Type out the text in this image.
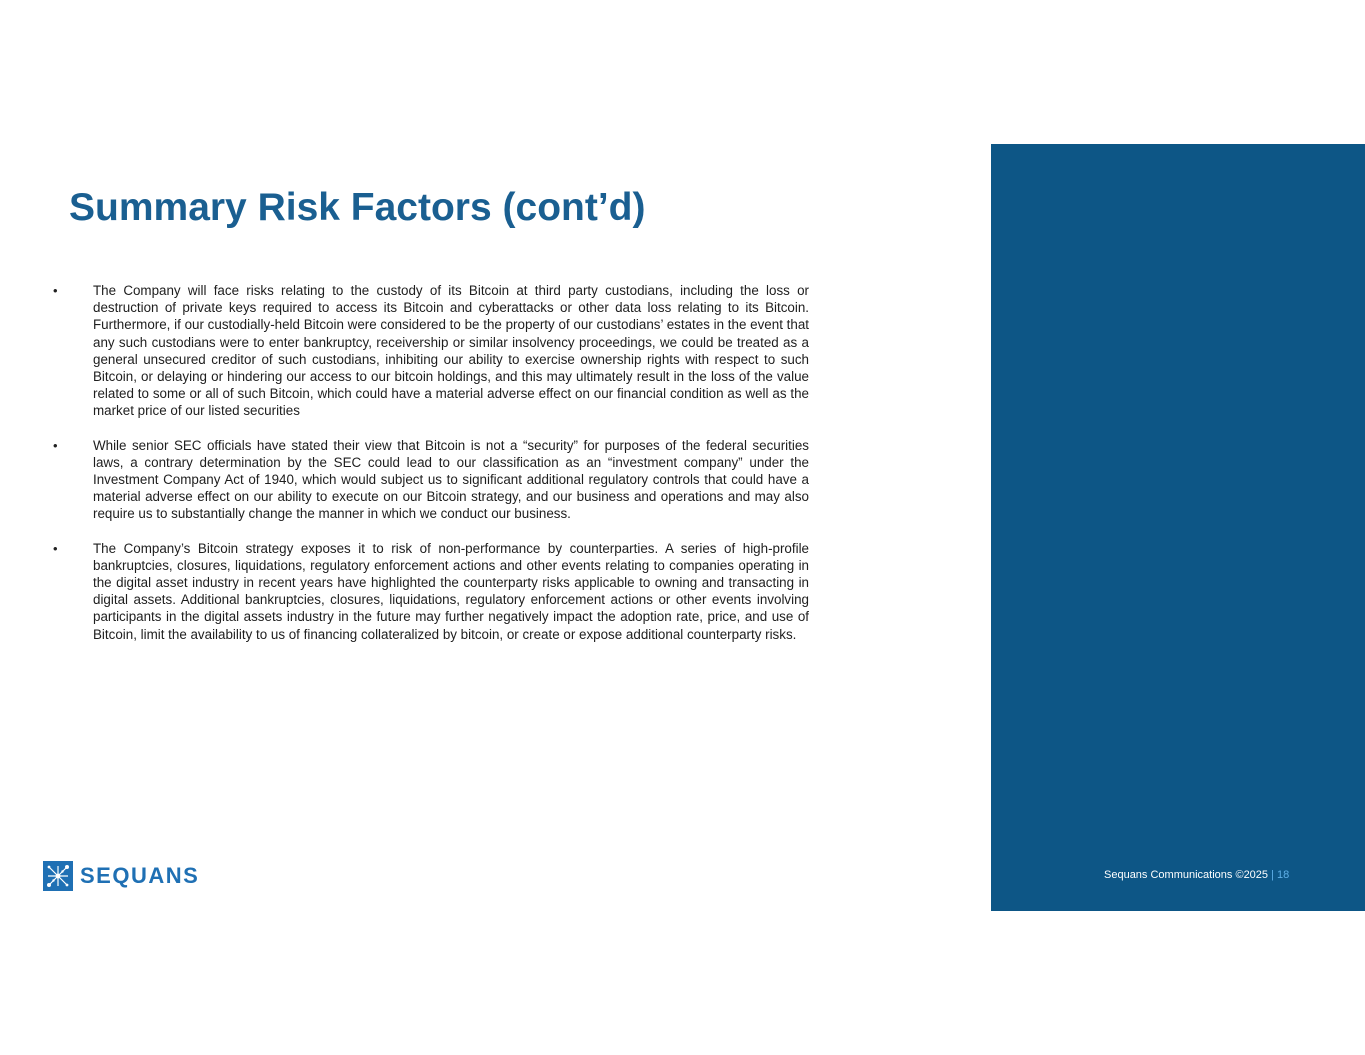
Summary Risk Factors (cont’d)
•	The Company will face risks relating to the custody of its Bitcoin at third party custodians, including the loss or destruction of private keys required to access its Bitcoin and cyberattacks or other data loss relating to its Bitcoin. Furthermore, if our custodially-held Bitcoin were considered to be the property of our custodians’ estates in the event that any such custodians were to enter bankruptcy, receivership or similar insolvency proceedings, we could be treated as a general unsecured creditor of such custodians, inhibiting our ability to exercise ownership rights with respect to such Bitcoin, or delaying or hindering our access to our bitcoin holdings, and this may ultimately result in the loss of the value related to some or all of such Bitcoin, which could have a material adverse effect on our financial condition as well as the market price of our listed securities
•	While senior SEC officials have stated their view that Bitcoin is not a “security” for purposes of the federal securities laws, a contrary determination by the SEC could lead to our classification as an “investment company” under the Investment Company Act of 1940, which would subject us to significant additional regulatory controls that could have a material adverse effect on our ability to execute on our Bitcoin strategy, and our business and operations and may also require us to substantially change the manner in which we conduct our business.
•	The Company’s Bitcoin strategy exposes it to risk of non-performance by counterparties. A series of high-profile bankruptcies, closures, liquidations, regulatory enforcement actions and other events relating to companies operating in the digital asset industry in recent years have highlighted the counterparty risks applicable to owning and transacting in digital assets. Additional bankruptcies, closures, liquidations, regulatory enforcement actions or other events involving participants in the digital assets industry in the future may further negatively impact the adoption rate, price, and use of Bitcoin, limit the availability to us of financing collateralized by bitcoin, or create or expose additional counterparty risks.
SEQUANS	Sequans Communications ©2025 | 18
